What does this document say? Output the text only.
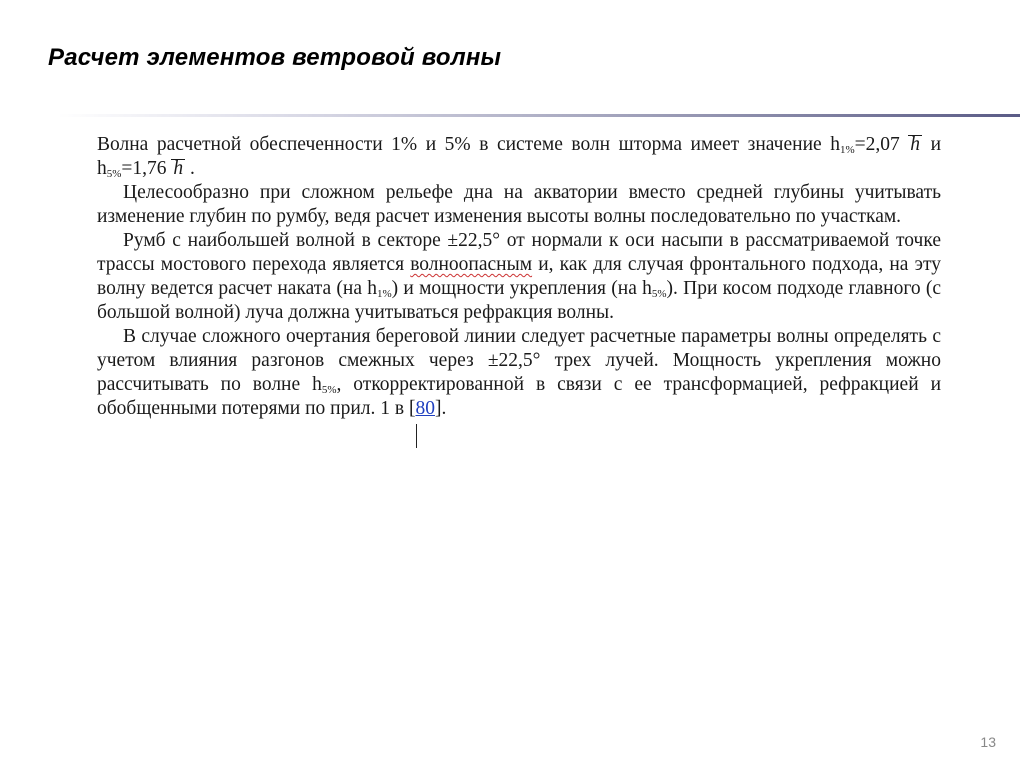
Расчет элементов ветровой волны

Волна расчетной обеспеченности 1% и 5% в системе волн шторма имеет значение $h_{1\%}=2,07$ h и $h_{5\%}=1,76$ h .

Целесообразно при сложном рельефе дна на акватории вместо средней глубины учитывать изменение глубин по румбу, ведя расчет изменения высоты волны последовательно по участкам.

Румб с наибольшей волной в секторе ±22,5° от нормали к оси насыпи в рассматриваемой точке трассы мостового перехода является волноопасным и, как для случая фронтального подхода, на эту волну ведется расчет наката (на $h_{1\%}$) и мощности укрепления (на $h_{5\%}$). При косом подходе главного (с большой волной) луча должна учитываться рефракция волны.

В случае сложного очертания береговой линии следует расчетные параметры волны определять с учетом влияния разгонов смежных через ±22,5° трех лучей. Мощность укрепления можно рассчитывать по волне $h_{5\%}$, откорректированной в связи с ее трансформацией, рефракцией и обобщенными потерями по прил. 1 в [80].

13
